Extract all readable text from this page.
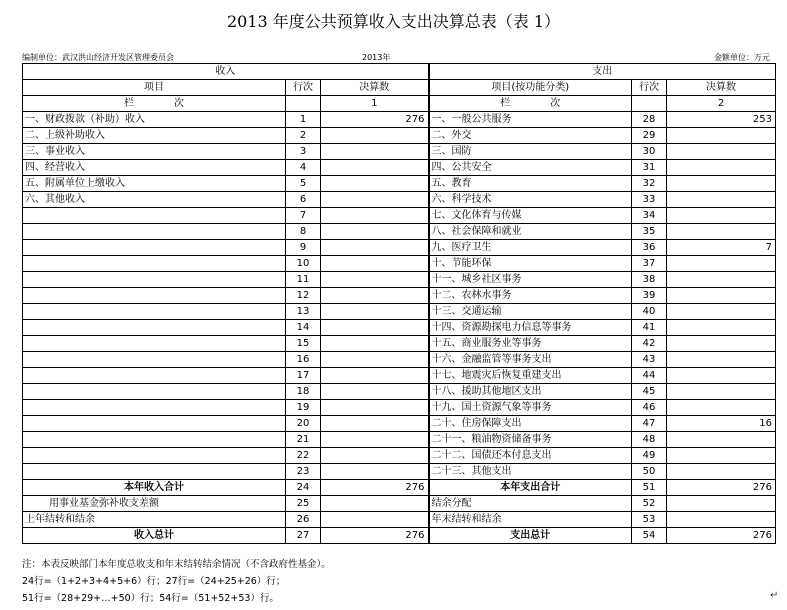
2013 年度公共预算收入支出决算总表（表 1）
编制单位：武汉洪山经济开发区管理委员会	2013年	金额单位：万元
收入			支出		
项目	行次	决算数	项目(按功能分类)	行次	决算数
栏　　　　次		1	栏　　　　次		2
一、财政拨款（补助）收入	1	276	一、一般公共服务	28	253
二、上级补助收入	2		二、外交	29	
三、事业收入	3		三、国防	30	
四、经营收入	4		四、公共安全	31	
五、附属单位上缴收入	5		五、教育	32	
六、其他收入	6		六、科学技术	33	
	7		七、文化体育与传媒	34	
	8		八、社会保障和就业	35	
	9		九、医疗卫生	36	7
	10		十、节能环保	37	
	11		十一、城乡社区事务	38	
	12		十二、农林水事务	39	
	13		十三、交通运输	40	
	14		十四、资源勘探电力信息等事务	41	
	15		十五、商业服务业等事务	42	
	16		十六、金融监管等事务支出	43	
	17		十七、地震灾后恢复重建支出	44	
	18		十八、援助其他地区支出	45	
	19		十九、国土资源气象等事务	46	
	20		二十、住房保障支出	47	16
	21		二十一、粮油物资储备事务	48	
	22		二十二、国债还本付息支出	49	
	23		二十三、其他支出	50	
本年收入合计	24	276	本年支出合计	51	276
用事业基金弥补收支差额	25		结余分配	52	
上年结转和结余	26		年末结转和结余	53	
收入总计	27	276	支出总计	54	276
注：本表反映部门本年度总收支和年末结转结余情况（不含政府性基金）。
24行=（1+2+3+4+5+6）行；27行=（24+25+26）行；
51行=（28+29+…+50）行；54行=（51+52+53）行。	↵
